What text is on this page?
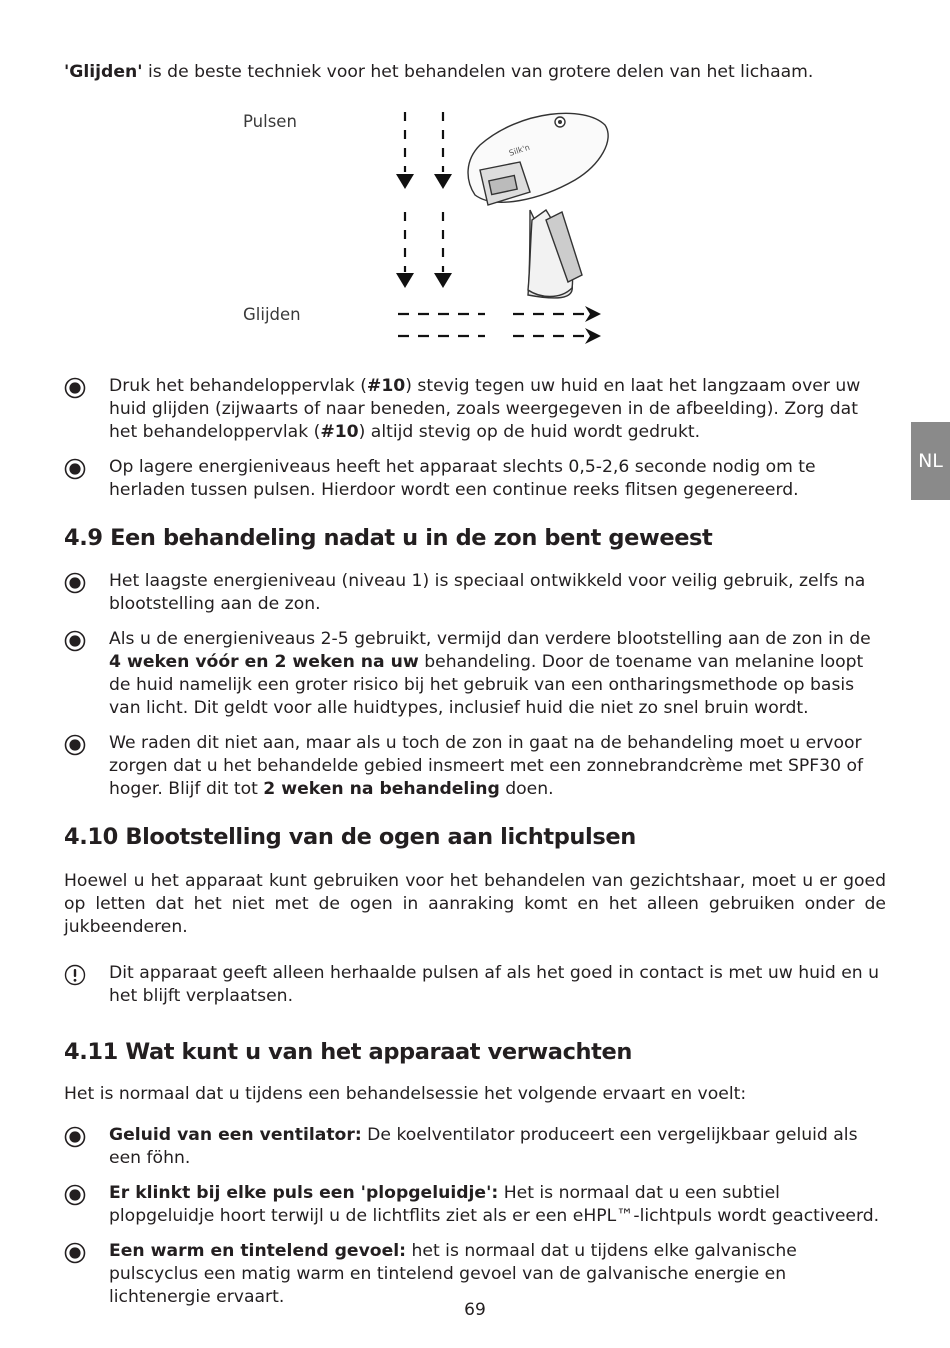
'Glijden' is de beste techniek voor het behandelen van grotere delen van het lichaam.
Pulsen
Glijden
Silk'n
Druk het behandeloppervlak (#10) stevig tegen uw huid en laat het langzaam over uw huid glijden (zijwaarts of naar beneden, zoals weergegeven in de afbeelding). Zorg dat het behandeloppervlak (#10) altijd stevig op de huid wordt gedrukt.
Op lagere energieniveaus heeft het apparaat slechts 0,5-2,6 seconde nodig om te herladen tussen pulsen. Hierdoor wordt een continue reeks flitsen gegenereerd.
4.9 Een behandeling nadat u in de zon bent geweest
Het laagste energieniveau (niveau 1) is speciaal ontwikkeld voor veilig gebruik, zelfs na blootstelling aan de zon.
Als u de energieniveaus 2-5 gebruikt, vermijd dan verdere blootstelling aan de zon in de 4 weken vóór en 2 weken na uw behandeling. Door de toename van melanine loopt de huid namelijk een groter risico bij het gebruik van een ontharingsmethode op basis van licht. Dit geldt voor alle huidtypes, inclusief huid die niet zo snel bruin wordt.
We raden dit niet aan, maar als u toch de zon in gaat na de behandeling moet u ervoor zorgen dat u het behandelde gebied insmeert met een zonnebrandcrème met SPF30 of hoger. Blijf dit tot 2 weken na behandeling doen.
4.10 Blootstelling van de ogen aan lichtpulsen
Hoewel u het apparaat kunt gebruiken voor het behandelen van gezichtshaar, moet u er goed op letten dat het niet met de ogen in aanraking komt en het alleen gebruiken onder de jukbeenderen.
Dit apparaat geeft alleen herhaalde pulsen af als het goed in contact is met uw huid en u het blijft verplaatsen.
4.11 Wat kunt u van het apparaat verwachten
Het is normaal dat u tijdens een behandelsessie het volgende ervaart en voelt:
Geluid van een ventilator: De koelventilator produceert een vergelijkbaar geluid als een föhn.
Er klinkt bij elke puls een 'plopgeluidje': Het is normaal dat u een subtiel plopgeluidje hoort terwijl u de lichtflits ziet als er een eHPL™-lichtpuls wordt geactiveerd.
Een warm en tintelend gevoel: het is normaal dat u tijdens elke galvanische pulscyclus een matig warm en tintelend gevoel van de galvanische energie en lichtenergie ervaart.
NL
69
